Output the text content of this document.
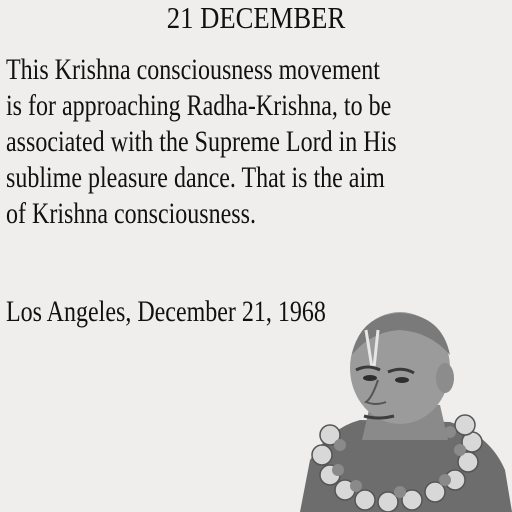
21 DECEMBER

This Krishna consciousness movement
is for approaching Radha-Krishna, to be
associated with the Supreme Lord in His
sublime pleasure dance. That is the aim
of Krishna consciousness.

Los Angeles, December 21, 1968
